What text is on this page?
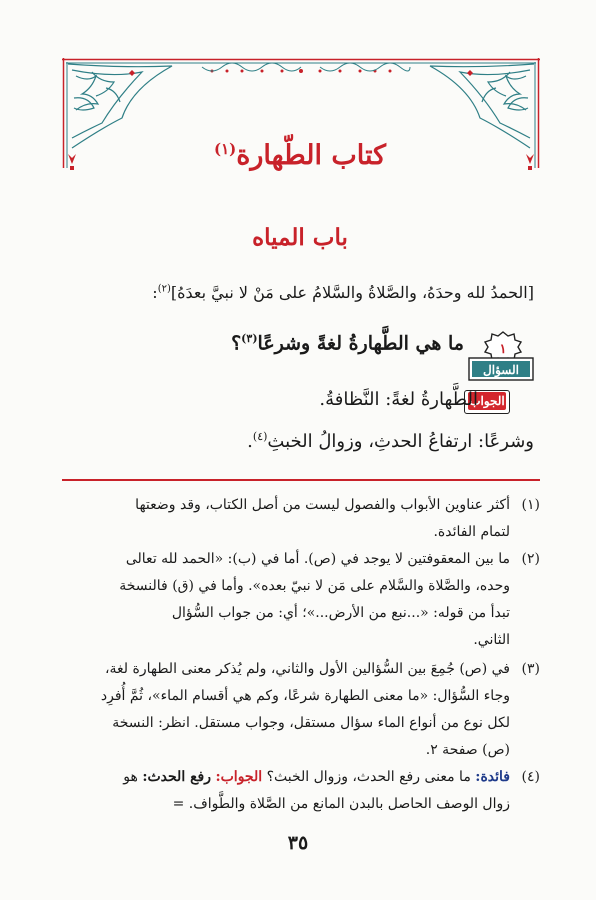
كتاب الطّهارة$^{(١)}$
باب المياه
[الحمدُ لله وحدَهُ، والصَّلاةُ والسَّلامُ على مَنْ لا نبيَّ بعدَهُ]$^{(٢)}$:
١
السؤال
ما هي الطَّهارةُ لغةً وشرعًا$^{(٣)}$؟
الجواب
الطَّهارةُ لغةً: النَّظافةُ.
وشرعًا: ارتفاعُ الحدثِ، وزوالُ الخبثِ$^{(٤)}$.
(١)
أكثر عناوين الأبواب والفصول ليست من أصل الكتاب، وقد وضعتها
لتمام الفائدة.
(٢)
ما بين المعقوفتين لا يوجد في (ص). أما في (ب): «الحمد لله تعالى
وحده، والصَّلاة والسَّلام على مَن لا نبيّ بعده». وأما في (ق) فالنسخة
تبدأ من قوله: «...نبع من الأرض...»؛ أي: من جواب السُّؤال
الثاني.
(٣)
في (ص) جُمِعَ بين السُّؤالين الأول والثاني، ولم يُذكر معنى الطهارة لغة،
وجاء السُّؤال: «ما معنى الطهارة شرعًا، وكم هي أقسام الماء»، ثُمَّ أُفرِد
لكل نوع من أنواع الماء سؤال مستقل، وجواب مستقل. انظر: النسخة
(ص) صفحة ٢.
(٤)
فائدة: ما معنى رفع الحدث، وزوال الخبث؟ الجواب: رفع الحدث: هو
زوال الوصف الحاصل بالبدن المانع من الصَّلاة والطَّواف. =
٣٥
